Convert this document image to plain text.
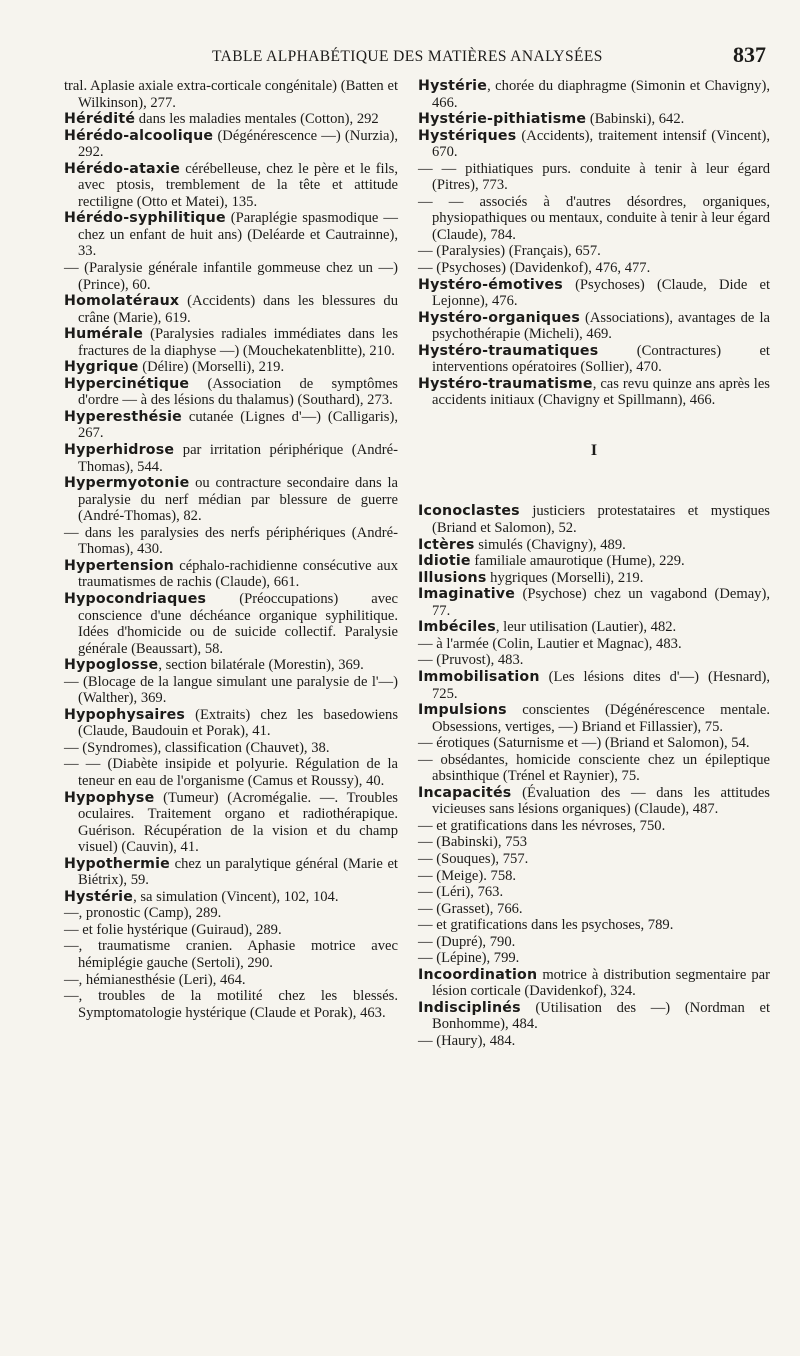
TABLE ALPHABÉTIQUE DES MATIÈRES ANALYSÉES	837

tral. Aplasie axiale extra-corticale congénitale) (Batten et Wilkinson), 277.

Hérédité dans les maladies mentales (Cotton), 292

Hérédo-alcoolique (Dégénérescence —) (Nurzia), 292.

Hérédo-ataxie cérébelleuse, chez le père et le fils, avec ptosis, tremblement de la tête et attitude rectiligne (Otto et Matei), 135.

Hérédo-syphilitique (Paraplégie spasmodique — chez un enfant de huit ans) (Deléarde et Cautrainne), 33.

— (Paralysie générale infantile gommeuse chez un —) (Prince), 60.

Homolatéraux (Accidents) dans les blessures du crâne (Marie), 619.

Humérale (Paralysies radiales immédiates dans les fractures de la diaphyse —) (Mouchekatenblitte), 210.

Hygrique (Délire) (Morselli), 219.

Hypercinétique (Association de symptômes d'ordre — à des lésions du thalamus) (Southard), 273.

Hyperesthésie cutanée (Lignes d'—) (Calligaris), 267.

Hyperhidrose par irritation périphérique (André-Thomas), 544.

Hypermyotonie ou contracture secondaire dans la paralysie du nerf médian par blessure de guerre (André-Thomas), 82.

— dans les paralysies des nerfs périphériques (André-Thomas), 430.

Hypertension céphalo-rachidienne consécutive aux traumatismes de rachis (Claude), 661.

Hypocondriaques (Préoccupations) avec conscience d'une déchéance organique syphilitique. Idées d'homicide ou de suicide collectif. Paralysie générale (Beaussart), 58.

Hypoglosse, section bilatérale (Morestin), 369.

— (Blocage de la langue simulant une paralysie de l'—) (Walther), 369.

Hypophysaires (Extraits) chez les basedowiens (Claude, Baudouin et Porak), 41.

— (Syndromes), classification (Chauvet), 38.

— — (Diabète insipide et polyurie. Régulation de la teneur en eau de l'organisme (Camus et Roussy), 40.

Hypophyse (Tumeur) (Acromégalie. —. Troubles oculaires. Traitement organo et radiothérapique. Guérison. Récupération de la vision et du champ visuel) (Cauvin), 41.

Hypothermie chez un paralytique général (Marie et Biétrix), 59.

Hystérie, sa simulation (Vincent), 102, 104.

—, pronostic (Camp), 289.

— et folie hystérique (Guiraud), 289.

—, traumatisme cranien. Aphasie motrice avec hémiplégie gauche (Sertoli), 290.

—, hémianesthésie (Leri), 464.

—, troubles de la motilité chez les blessés. Symptomatologie hystérique (Claude et Porak), 463.

Hystérie, chorée du diaphragme (Simonin et Chavigny), 466.

Hystérie-pithiatisme (Babinski), 642.

Hystériques (Accidents), traitement intensif (Vincent), 670.

— — pithiatiques purs. conduite à tenir à leur égard (Pitres), 773.

— — associés à d'autres désordres, organiques, physiopathiques ou mentaux, conduite à tenir à leur égard (Claude), 784.

— (Paralysies) (Français), 657.

— (Psychoses) (Davidenkof), 476, 477.

Hystéro-émotives (Psychoses) (Claude, Dide et Lejonne), 476.

Hystéro-organiques (Associations), avantages de la psychothérapie (Micheli), 469.

Hystéro-traumatiques (Contractures) et interventions opératoires (Sollier), 470.

Hystéro-traumatisme, cas revu quinze ans après les accidents initiaux (Chavigny et Spillmann), 466.

I

Iconoclastes justiciers protestataires et mystiques (Briand et Salomon), 52.

Ictères simulés (Chavigny), 489.

Idiotie familiale amaurotique (Hume), 229.

Illusions hygriques (Morselli), 219.

Imaginative (Psychose) chez un vagabond (Demay), 77.

Imbéciles, leur utilisation (Lautier), 482.

— à l'armée (Colin, Lautier et Magnac), 483.

— (Pruvost), 483.

Immobilisation (Les lésions dites d'—) (Hesnard), 725.

Impulsions conscientes (Dégénérescence mentale. Obsessions, vertiges, —) Briand et Fillassier), 75.

— érotiques (Saturnisme et —) (Briand et Salomon), 54.

— obsédantes, homicide consciente chez un épileptique absinthique (Trénel et Raynier), 75.

Incapacités (Évaluation des — dans les attitudes vicieuses sans lésions organiques) (Claude), 487.

— et gratifications dans les névroses, 750.

— (Babinski), 753

— (Souques), 757.

— (Meige). 758.

— (Léri), 763.

— (Grasset), 766.

— et gratifications dans les psychoses, 789.

— (Dupré), 790.

— (Lépine), 799.

Incoordination motrice à distribution segmentaire par lésion corticale (Davidenkof), 324.

Indisciplinés (Utilisation des —) (Nordman et Bonhomme), 484.

— (Haury), 484.
